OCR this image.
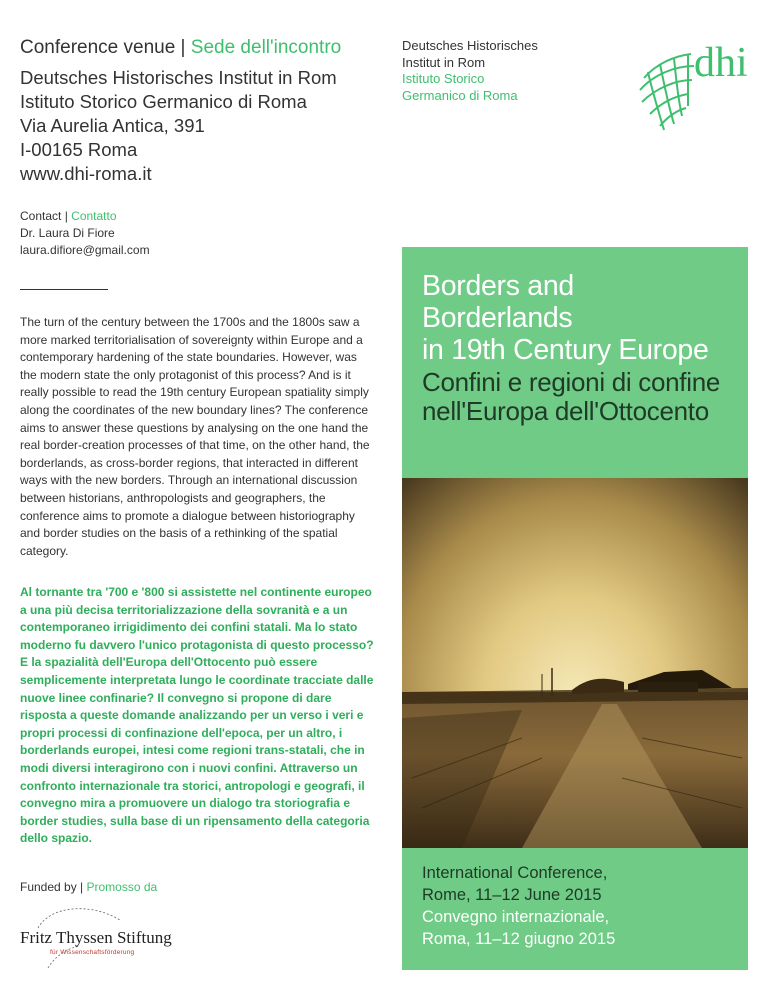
Conference venue | Sede dell'incontro
Deutsches Historisches Institut in Rom
Istituto Storico Germanico di Roma
Via Aurelia Antica, 391
I-00165 Roma
www.dhi-roma.it
Contact | Contatto
Dr. Laura Di Fiore
laura.difiore@gmail.com

The turn of the century between the 1700s and the 1800s saw a more marked territorialisation of sovereignty within Europe and a contemporary hardening of the state boundaries. However, was the modern state the only protagonist of this process? And is it really possible to read the 19th century European spatiality simply along the coordinates of the new boundary lines? The conference aims to answer these questions by analysing on the one hand the real border-creation processes of that time, on the other hand, the borderlands, as cross-border regions, that interacted in different ways with the new borders. Through an international discussion between historians, anthropologists and geographers, the conference aims to promote a dialogue between historiography and border studies on the basis of a rethinking of the spatial category.

Al tornante tra '700 e '800 si assistette nel continente europeo a una più decisa territorializzazione della sovranità e a un contemporaneo irrigidimento dei confini statali. Ma lo stato moderno fu davvero l'unico protagonista di questo processo? E la spazialità dell'Europa dell'Ottocento può essere semplicemente interpretata lungo le coordinate tracciate dalle nuove linee confinarie? Il convegno si propone di dare risposta a queste domande analizzando per un verso i veri e propri processi di confinazione dell'epoca, per un altro, i borderlands europei, intesi come regioni trans-statali, che in modi diversi interagirono con i nuovi confini. Attraverso un confronto internazionale tra storici, antropologi e geografi, il convegno mira a promuovere un dialogo tra storiografia e border studies, sulla base di un ripensamento della categoria dello spazio.

Funded by | Promosso da
Fritz Thyssen Stiftung
für Wissenschaftsförderung
Deutsches Historisches
Institut in Rom
Istituto Storico
Germanico di Roma
dhi
Borders and Borderlands
in 19th Century Europe
Confini e regioni di confine
nell'Europa dell'Ottocento
International Conference,
Rome, 11–12 June 2015
Convegno internazionale,
Roma, 11–12 giugno 2015
